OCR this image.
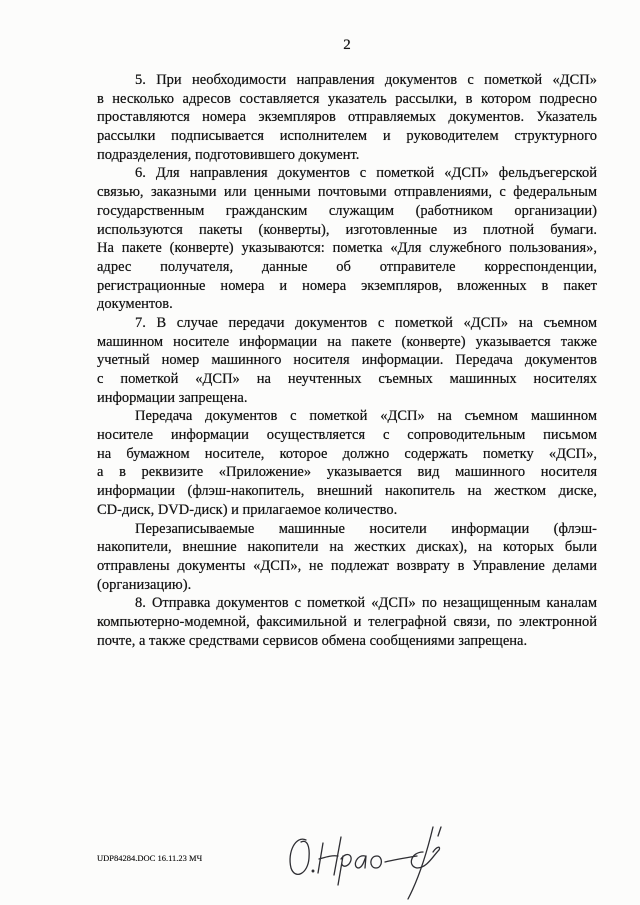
2
5. При необходимости направления документов с пометкой «ДСП»
в несколько адресов составляется указатель рассылки, в котором подресно
проставляются номера экземпляров отправляемых документов. Указатель
рассылки подписывается исполнителем и руководителем структурного
подразделения, подготовившего документ.
6. Для направления документов с пометкой «ДСП» фельдъегерской
связью, заказными или ценными почтовыми отправлениями, с федеральным
государственным гражданским служащим (работником организации)
используются пакеты (конверты), изготовленные из плотной бумаги.
На пакете (конверте) указываются: пометка «Для служебного пользования»,
адрес получателя, данные об отправителе корреспонденции,
регистрационные номера и номера экземпляров, вложенных в пакет
документов.
7. В случае передачи документов с пометкой «ДСП» на съемном
машинном носителе информации на пакете (конверте) указывается также
учетный номер машинного носителя информации. Передача документов
с пометкой «ДСП» на неучтенных съемных машинных носителях
информации запрещена.
Передача документов с пометкой «ДСП» на съемном машинном
носителе информации осуществляется с сопроводительным письмом
на бумажном носителе, которое должно содержать пометку «ДСП»,
а в реквизите «Приложение» указывается вид машинного носителя
информации (флэш-накопитель, внешний накопитель на жестком диске,
CD-диск, DVD-диск) и прилагаемое количество.
Перезаписываемые машинные носители информации (флэш-
накопители, внешние накопители на жестких дисках), на которых были
отправлены документы «ДСП», не подлежат возврату в Управление делами
(организацию).
8. Отправка документов с пометкой «ДСП» по незащищенным каналам
компьютерно-модемной, факсимильной и телеграфной связи, по электронной
почте, а также средствами сервисов обмена сообщениями запрещена.
UDP84284.DOC 16.11.23 МЧ
